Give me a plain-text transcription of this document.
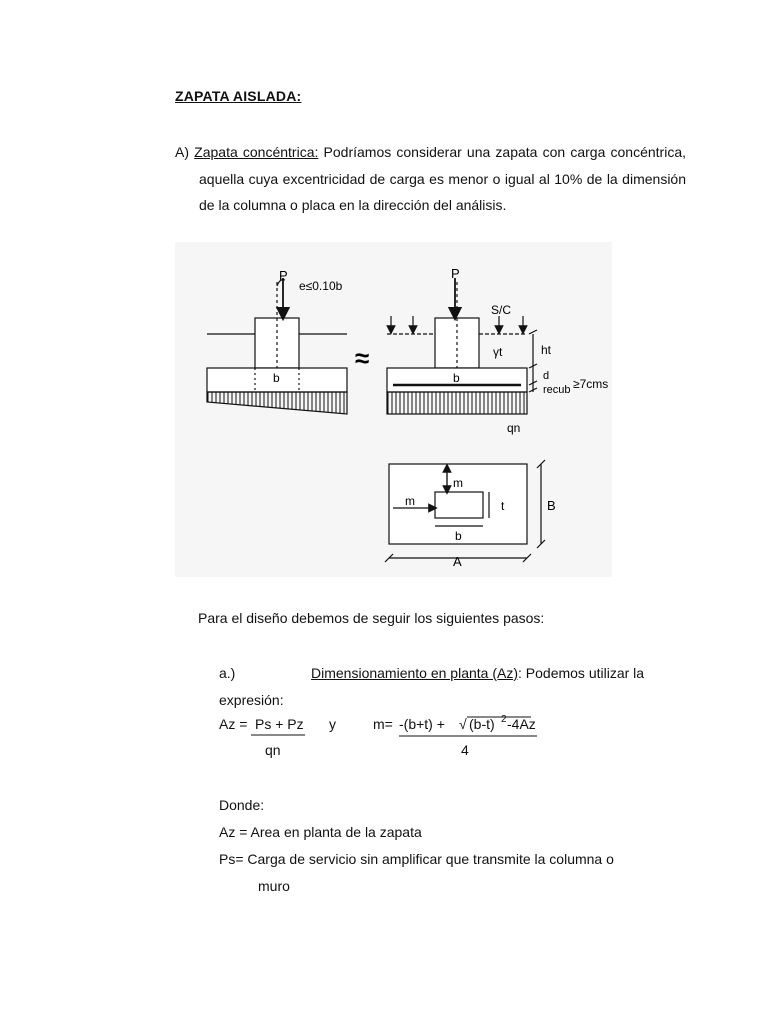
ZAPATA AISLADA:
A) Zapata concéntrica: Podríamos considerar una zapata con carga concéntrica, aquella cuya excentricidad de carga es menor o igual al 10% de la dimensión de la columna o placa en la dirección del análisis.
P
e≤0.10b
b
≈
P
S/C
γt	ht
d
recub ≥7cms
b
qn
m
m	t
b
B
A
Para el diseño debemos de seguir los siguientes pasos:
a.)	Dimensionamiento en planta (Az): Podemos utilizar la expresión:
Az = Ps + Pz
qn
y	m= -(b+t) + √ (b-t) 2 -4Az
4
Donde:
Az = Area en planta de la zapata
Ps= Carga de servicio sin amplificar que transmite la columna o
muro
